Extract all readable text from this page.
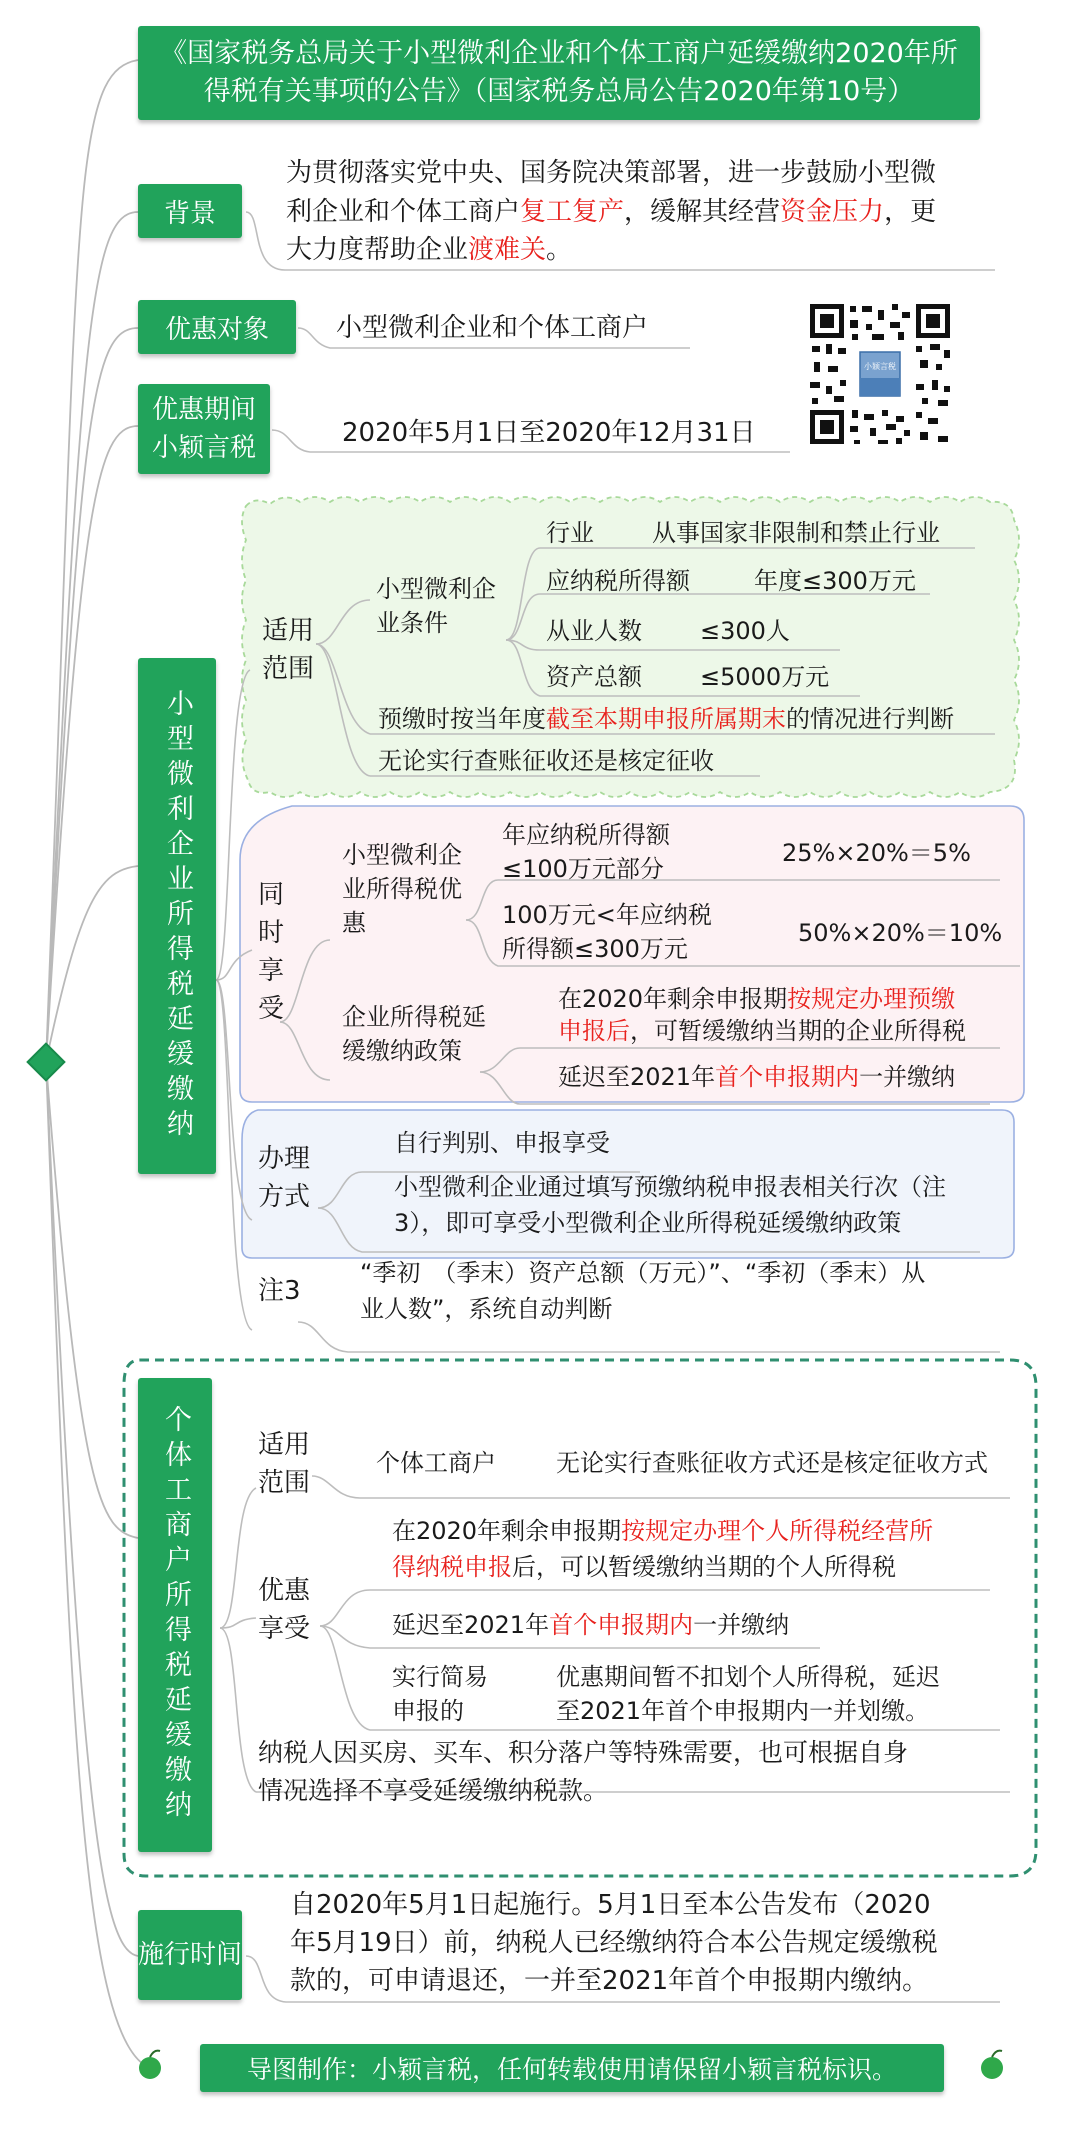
《国家税务总局关于小型微利企业和个体工商户延缓缴纳2020年所得税有关事项的公告》（国家税务总局公告2020年第10号）
背景
为贯彻落实党中央、国务院决策部署，进一步鼓励小型微
利企业和个体工商户复工复产，缓解其经营资金压力，更
大力度帮助企业渡难关。
优惠对象	小型微利企业和个体工商户
小颖言税
优惠期间
小颖言税	2020年5月1日至2020年12月31日
小型微利企业所得税延缓缴纳
适用范围
小型微利企业条件
行业 从事国家非限制和禁止行业
应纳税所得额	年度≤300万元
从业人数 ≤300人
资产总额 ≤5000万元
预缴时按当年度截至本期申报所属期末的情况进行判断
无论实行查账征收还是核定征收
同时享受
小型微利企业所得税优惠
年应纳税所得额
≤100万元部分
25%×20%＝5%
100万元<年应纳税
所得额≤300万元
50%×20%＝10%
企业所得税延缓缴纳政策
在2020年剩余申报期按规定办理预缴
申报后，可暂缓缴纳当期的企业所得税
延迟至2021年首个申报期内一并缴纳
办理方式
自行判别、申报享受
小型微利企业通过填写预缴纳税申报表相关行次（注
3），即可享受小型微利企业所得税延缓缴纳政策
注3
“季初　（季末）资产总额（万元）”、“季初（季末）从
业人数”，系统自动判断
个体工商户所得税延缓缴纳	适用范围
个体工商户	无论实行查账征收方式还是核定征收方式
优惠享受
在2020年剩余申报期按规定办理个人所得税经营所
得纳税申报后，可以暂缓缴纳当期的个人所得税
延迟至2021年首个申报期内一并缴纳
实行简易
申报的
优惠期间暂不扣划个人所得税，延迟
至2021年首个申报期内一并划缴。
纳税人因买房、买车、积分落户等特殊需要，也可根据自身
情况选择不享受延缓缴纳税款。
施行时间
自2020年5月1日起施行。5月1日至本公告发布（2020
年5月19日）前，纳税人已经缴纳符合本公告规定缓缴税
款的，可申请退还，一并至2021年首个申报期内缴纳。
导图制作：小颖言税，任何转载使用请保留小颖言税标识。
